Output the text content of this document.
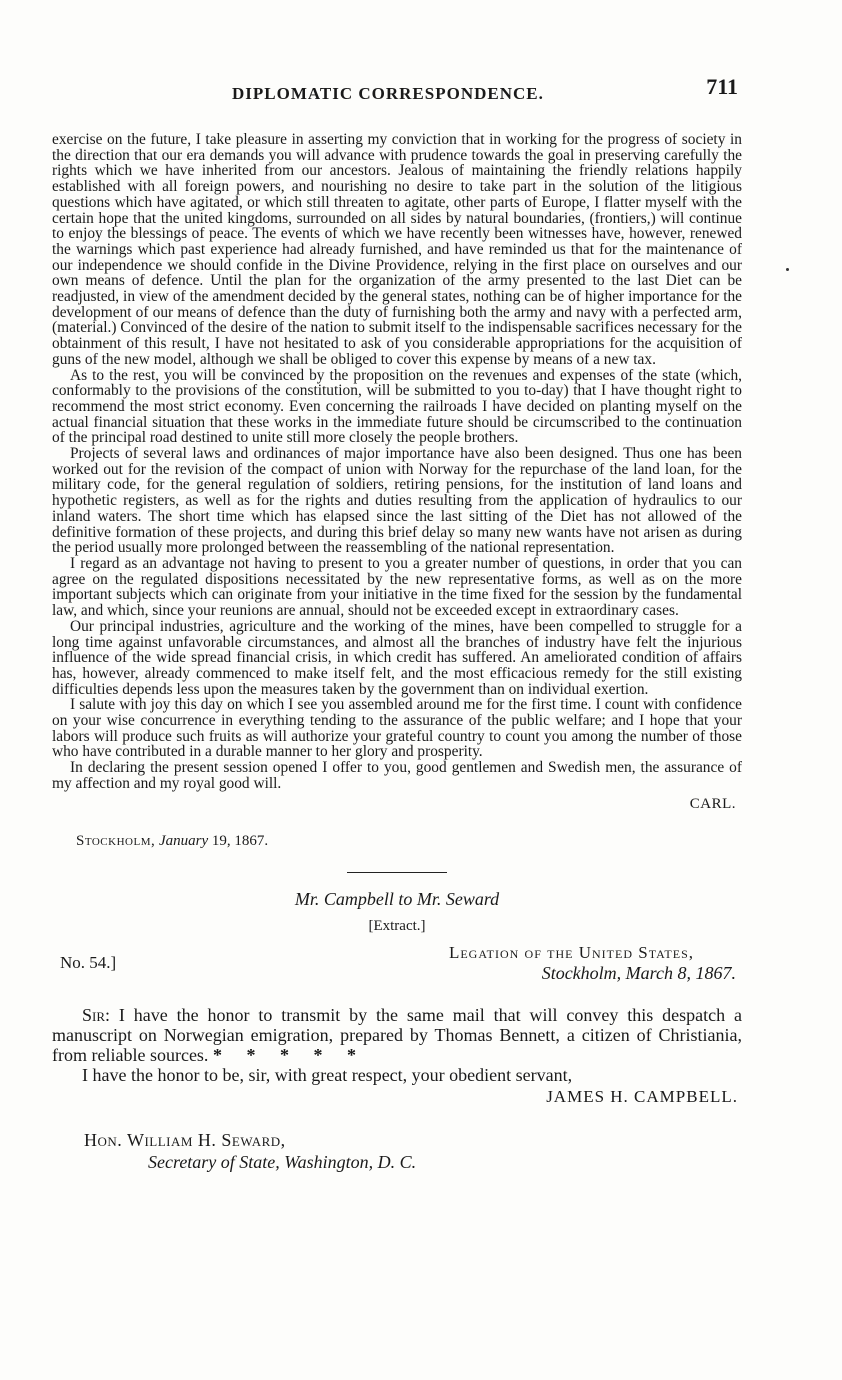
DIPLOMATIC CORRESPONDENCE.	711

exercise on the future, I take pleasure in asserting my conviction that in working for the progress of society in the direction that our era demands you will advance with prudence towards the goal in preserving carefully the rights which we have inherited from our ancestors. Jealous of maintaining the friendly relations happily established with all foreign powers, and nourishing no desire to take part in the solution of the litigious questions which have agitated, or which still threaten to agitate, other parts of Europe, I flatter myself with the certain hope that the united kingdoms, surrounded on all sides by natural boundaries, (frontiers,) will continue to enjoy the blessings of peace. The events of which we have recently been witnesses have, however, renewed the warnings which past experience had already furnished, and have reminded us that for the maintenance of our independence we should confide in the Divine Providence, relying in the first place on ourselves and our own means of defence. Until the plan for the organization of the army presented to the last Diet can be readjusted, in view of the amendment decided by the general states, nothing can be of higher importance for the development of our means of defence than the duty of furnishing both the army and navy with a perfected arm, (material.) Convinced of the desire of the nation to submit itself to the indispensable sacrifices necessary for the obtainment of this result, I have not hesitated to ask of you considerable appropriations for the acquisition of guns of the new model, although we shall be obliged to cover this expense by means of a new tax.

As to the rest, you will be convinced by the proposition on the revenues and expenses of the state (which, conformably to the provisions of the constitution, will be submitted to you to-day) that I have thought right to recommend the most strict economy. Even concerning the railroads I have decided on planting myself on the actual financial situation that these works in the immediate future should be circumscribed to the continuation of the principal road destined to unite still more closely the people brothers.

Projects of several laws and ordinances of major importance have also been designed. Thus one has been worked out for the revision of the compact of union with Norway for the repurchase of the land loan, for the military code, for the general regulation of soldiers, retiring pensions, for the institution of land loans and hypothetic registers, as well as for the rights and duties resulting from the application of hydraulics to our inland waters. The short time which has elapsed since the last sitting of the Diet has not allowed of the definitive formation of these projects, and during this brief delay so many new wants have not arisen as during the period usually more prolonged between the reassembling of the national representation.

I regard as an advantage not having to present to you a greater number of questions, in order that you can agree on the regulated dispositions necessitated by the new representative forms, as well as on the more important subjects which can originate from your initiative in the time fixed for the session by the fundamental law, and which, since your reunions are annual, should not be exceeded except in extraordinary cases.

Our principal industries, agriculture and the working of the mines, have been compelled to struggle for a long time against unfavorable circumstances, and almost all the branches of industry have felt the injurious influence of the wide spread financial crisis, in which credit has suffered. An ameliorated condition of affairs has, however, already commenced to make itself felt, and the most efficacious remedy for the still existing difficulties depends less upon the measures taken by the government than on individual exertion.

I salute with joy this day on which I see you assembled around me for the first time. I count with confidence on your wise concurrence in everything tending to the assurance of the public welfare; and I hope that your labors will produce such fruits as will authorize your grateful country to count you among the number of those who have contributed in a durable manner to her glory and prosperity.

In declaring the present session opened I offer to you, good gentlemen and Swedish men, the assurance of my affection and my royal good will.

CARL.
Stockholm, January 19, 1867.
Mr. Campbell to Mr. Seward
[Extract.]
No. 54.]
Legation of the United States,
Stockholm, March 8, 1867.

Sir: I have the honor to transmit by the same mail that will convey this despatch a manuscript on Norwegian emigration, prepared by Thomas Bennett, a citizen of Christiania, from reliable sources. * * * * *

I have the honor to be, sir, with great respect, your obedient servant,

JAMES H. CAMPBELL.
Hon. William H. Seward,
Secretary of State, Washington, D. C.
